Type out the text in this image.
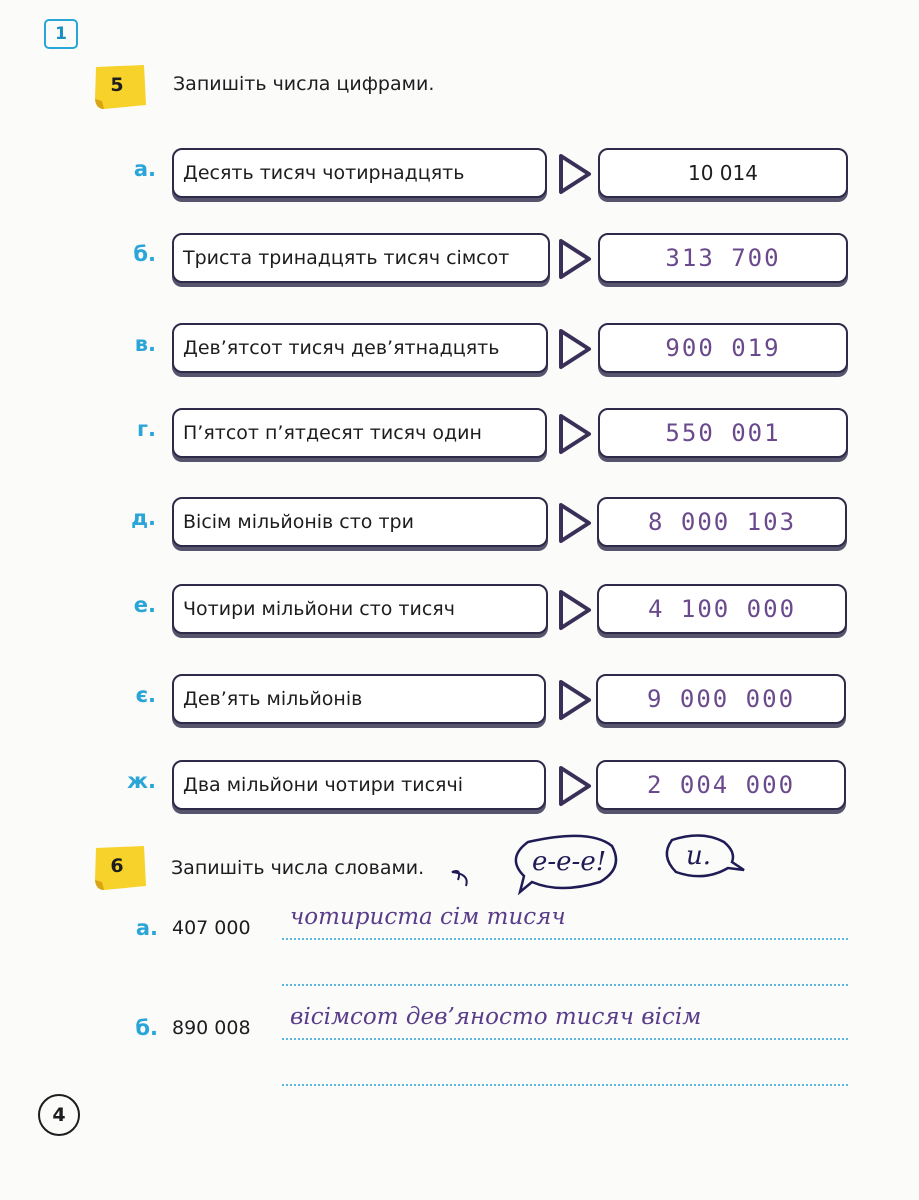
1
5	Запишіть числа цифрами.
а.	Десять тисяч чотирнадцять	10 014
б.	Триста тринадцять тисяч сімсот	313 700
в.	Дев’ятсот тисяч дев’ятнадцять	900 019
г.	П’ятсот п’ятдесят тисяч один	550 001
д.	Вісім мільйонів сто три	8 000 103
е.	Чотири мільйони сто тисяч	4 100 000
є.	Дев’ять мільйонів	9 000 000
ж.	Два мільйони чотири тисячі	2 004 000
6 Запишіть числа словами.	е-е-е!	и.
а. 407 000 чотириста сім тисяч
б. 890 008 вісімсот дев’яносто тисяч вісім
4
